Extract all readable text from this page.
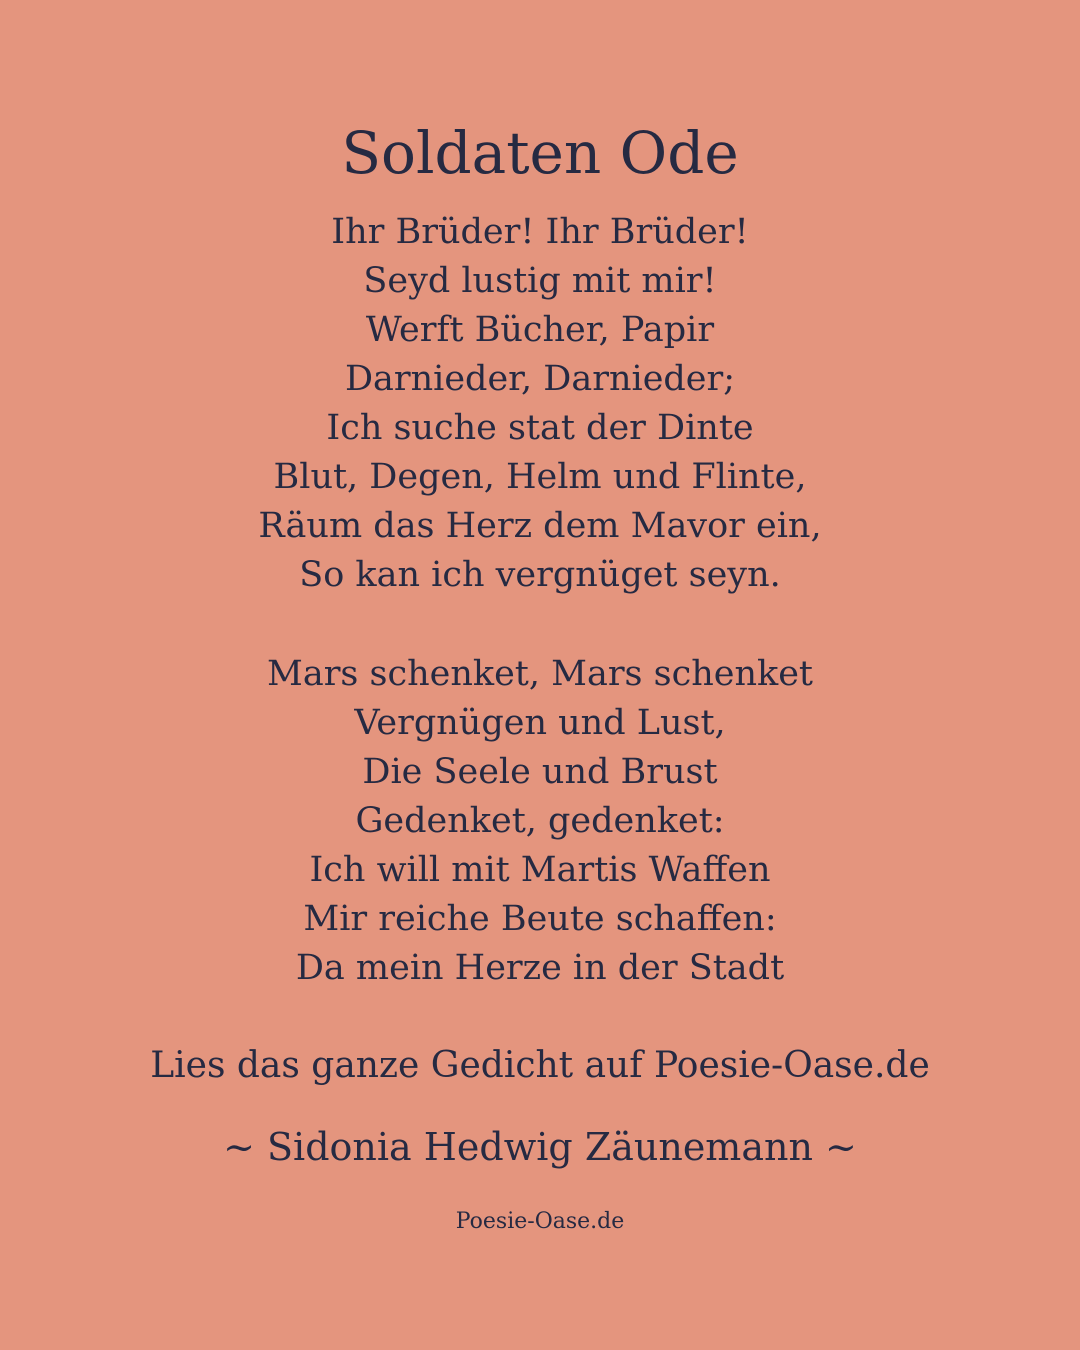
Soldaten Ode
Ihr Brüder! Ihr Brüder!
Seyd lustig mit mir!
Werft Bücher, Papir
Darnieder, Darnieder;
Ich suche stat der Dinte
Blut, Degen, Helm und Flinte,
Räum das Herz dem Mavor ein,
So kan ich vergnüget seyn.
Mars schenket, Mars schenket
Vergnügen und Lust,
Die Seele und Brust
Gedenket, gedenket:
Ich will mit Martis Waffen
Mir reiche Beute schaffen:
Da mein Herze in der Stadt

Lies das ganze Gedicht auf Poesie-Oase.de

~ Sidonia Hedwig Zäunemann ~

Poesie-Oase.de
